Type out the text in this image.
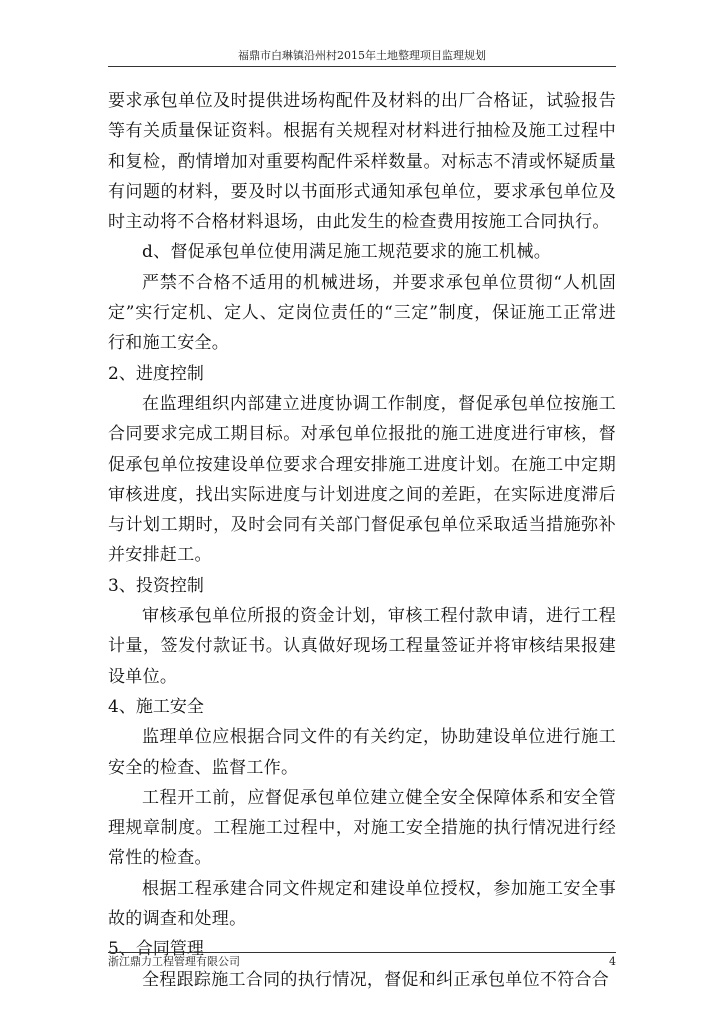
福鼎市白琳镇沿州村2015年土地整理项目监理规划

要求承包单位及时提供进场构配件及材料的出厂合格证，试验报告等有关质量保证资料。根据有关规程对材料进行抽检及施工过程中和复检，酌情增加对重要构配件采样数量。对标志不清或怀疑质量有问题的材料，要及时以书面形式通知承包单位，要求承包单位及时主动将不合格材料退场，由此发生的检查费用按施工合同执行。

d、督促承包单位使用满足施工规范要求的施工机械。

严禁不合格不适用的机械进场，并要求承包单位贯彻“人机固定”实行定机、定人、定岗位责任的“三定”制度，保证施工正常进行和施工安全。

2、进度控制

在监理组织内部建立进度协调工作制度，督促承包单位按施工合同要求完成工期目标。对承包单位报批的施工进度进行审核，督促承包单位按建设单位要求合理安排施工进度计划。在施工中定期审核进度，找出实际进度与计划进度之间的差距，在实际进度滞后与计划工期时，及时会同有关部门督促承包单位采取适当措施弥补并安排赶工。

3、投资控制

审核承包单位所报的资金计划，审核工程付款申请，进行工程计量，签发付款证书。认真做好现场工程量签证并将审核结果报建设单位。

4、施工安全

监理单位应根据合同文件的有关约定，协助建设单位进行施工安全的检查、监督工作。

工程开工前，应督促承包单位建立健全安全保障体系和安全管理规章制度。工程施工过程中，对施工安全措施的执行情况进行经常性的检查。

根据工程承建合同文件规定和建设单位授权，参加施工安全事故的调查和处理。

5、合同管理

全程跟踪施工合同的执行情况，督促和纠正承包单位不符合合

浙江鼎力工程管理有限公司	4
